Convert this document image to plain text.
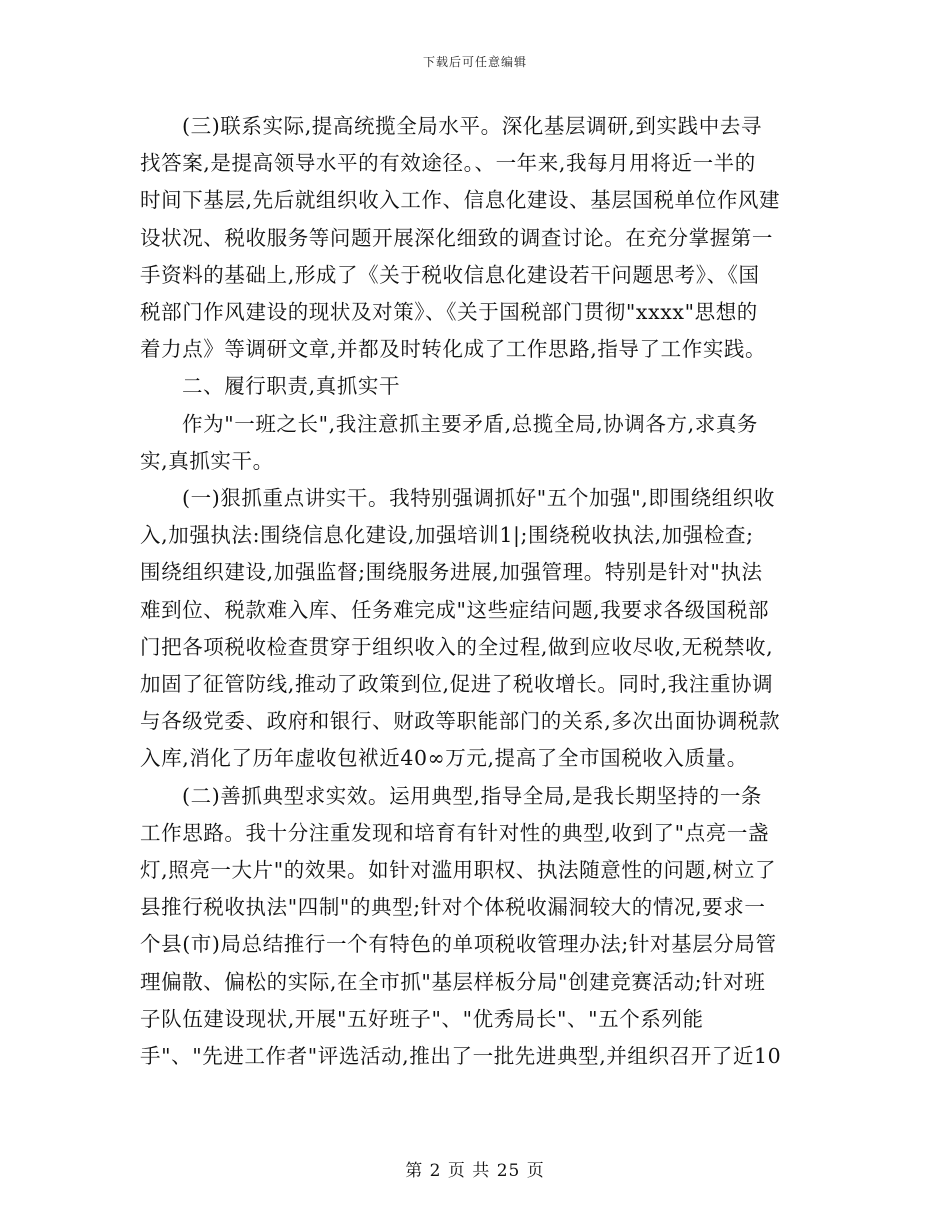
下载后可任意编辑
(三)联系实际,提高统揽全局水平。深化基层调研,到实践中去寻
找答案,是提高领导水平的有效途径。、一年来,我每月用将近一半的
时间下基层,先后就组织收入工作、信息化建设、基层国税单位作风建
设状况、税收服务等问题开展深化细致的调查讨论。在充分掌握第一
手资料的基础上,形成了《关于税收信息化建设若干问题思考》、《国
税部门作风建设的现状及对策》、《关于国税部门贯彻"xxxx"思想的
着力点》等调研文章,并都及时转化成了工作思路,指导了工作实践。
二、履行职责,真抓实干
作为"一班之长",我注意抓主要矛盾,总揽全局,协调各方,求真务
实,真抓实干。
(一)狠抓重点讲实干。我特别强调抓好"五个加强",即围绕组织收
入,加强执法:围绕信息化建设,加强培训1|;围绕税收执法,加强检查;
围绕组织建设,加强监督;围绕服务进展,加强管理。特别是针对"执法
难到位、税款难入库、任务难完成"这些症结问题,我要求各级国税部
门把各项税收检查贯穿于组织收入的全过程,做到应收尽收,无税禁收,
加固了征管防线,推动了政策到位,促进了税收增长。同时,我注重协调
与各级党委、政府和银行、财政等职能部门的关系,多次出面协调税款
入库,消化了历年虚收包袱近40∞万元,提高了全市国税收入质量。
(二)善抓典型求实效。运用典型,指导全局,是我长期坚持的一条
工作思路。我十分注重发现和培育有针对性的典型,收到了"点亮一盏
灯,照亮一大片"的效果。如针对滥用职权、执法随意性的问题,树立了
县推行税收执法"四制"的典型;针对个体税收漏洞较大的情况,要求一
个县(市)局总结推行一个有特色的单项税收管理办法;针对基层分局管
理偏散、偏松的实际,在全市抓"基层样板分局"创建竞赛活动;针对班
子队伍建设现状,开展"五好班子"、"优秀局长"、"五个系列能
手"、"先进工作者"评选活动,推出了一批先进典型,并组织召开了近10
第 2 页 共 25 页
